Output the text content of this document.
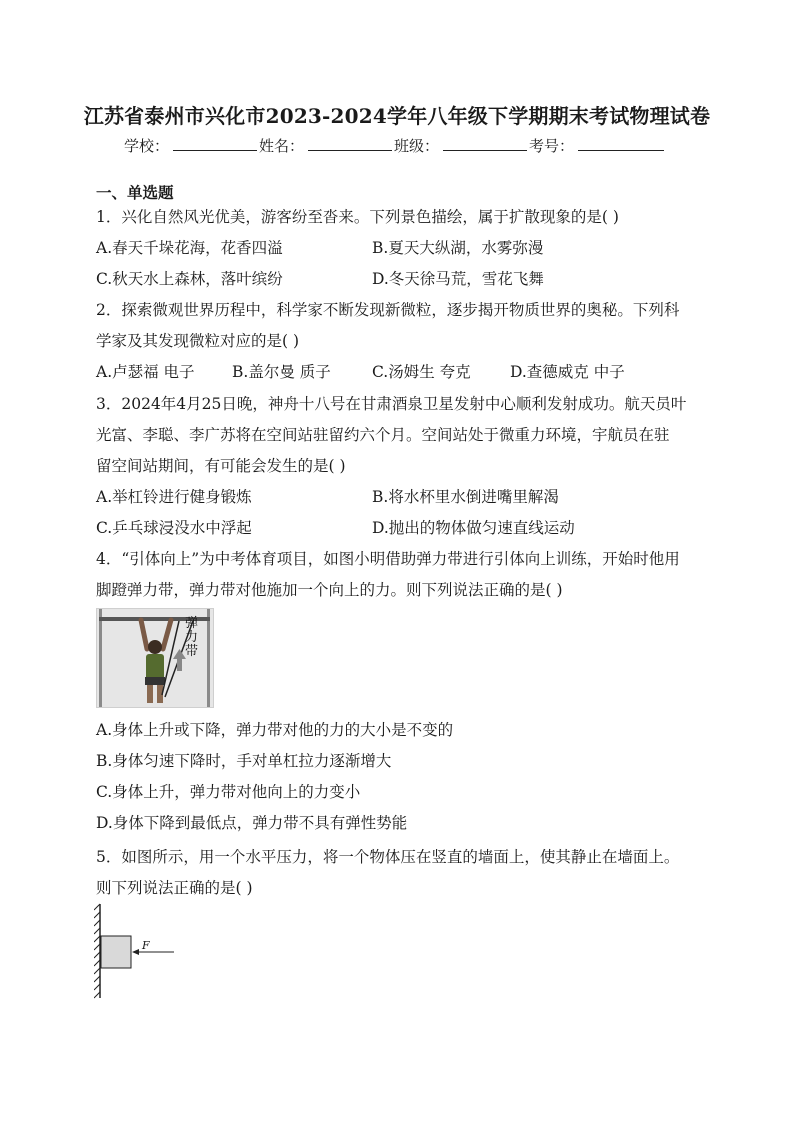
江苏省泰州市兴化市2023-2024学年八年级下学期期末考试物理试卷
学校：	姓名：	班级：	考号：
一、单选题
1．兴化自然风光优美，游客纷至沓来。下列景色描绘，属于扩散现象的是( )
A.春天千垛花海，花香四溢	B.夏天大纵湖，水雾弥漫
C.秋天水上森林，落叶缤纷	D.冬天徐马荒，雪花飞舞
2．探索微观世界历程中，科学家不断发现新微粒，逐步揭开物质世界的奥秘。下列科
学家及其发现微粒对应的是( )
A.卢瑟福 电子 B.盖尔曼 质子	C.汤姆生 夸克	D.查德威克 中子
3．2024年4月25日晚，神舟十八号在甘肃酒泉卫星发射中心顺利发射成功。航天员叶
光富、李聪、李广苏将在空间站驻留约六个月。空间站处于微重力环境，宇航员在驻
留空间站期间，有可能会发生的是( )
A.举杠铃进行健身锻炼	B.将水杯里水倒进嘴里解渴
C.乒乓球浸没水中浮起	D.抛出的物体做匀速直线运动
4．“引体向上”为中考体育项目，如图小明借助弹力带进行引体向上训练，开始时他用
脚蹬弹力带，弹力带对他施加一个向上的力。则下列说法正确的是( )
弹力带
A.身体上升或下降，弹力带对他的力的大小是不变的
B.身体匀速下降时，手对单杠拉力逐渐增大
C.身体上升，弹力带对他向上的力变小
D.身体下降到最低点，弹力带不具有弹性势能
5．如图所示，用一个水平压力，将一个物体压在竖直的墙面上，使其静止在墙面上。
则下列说法正确的是( )
F
